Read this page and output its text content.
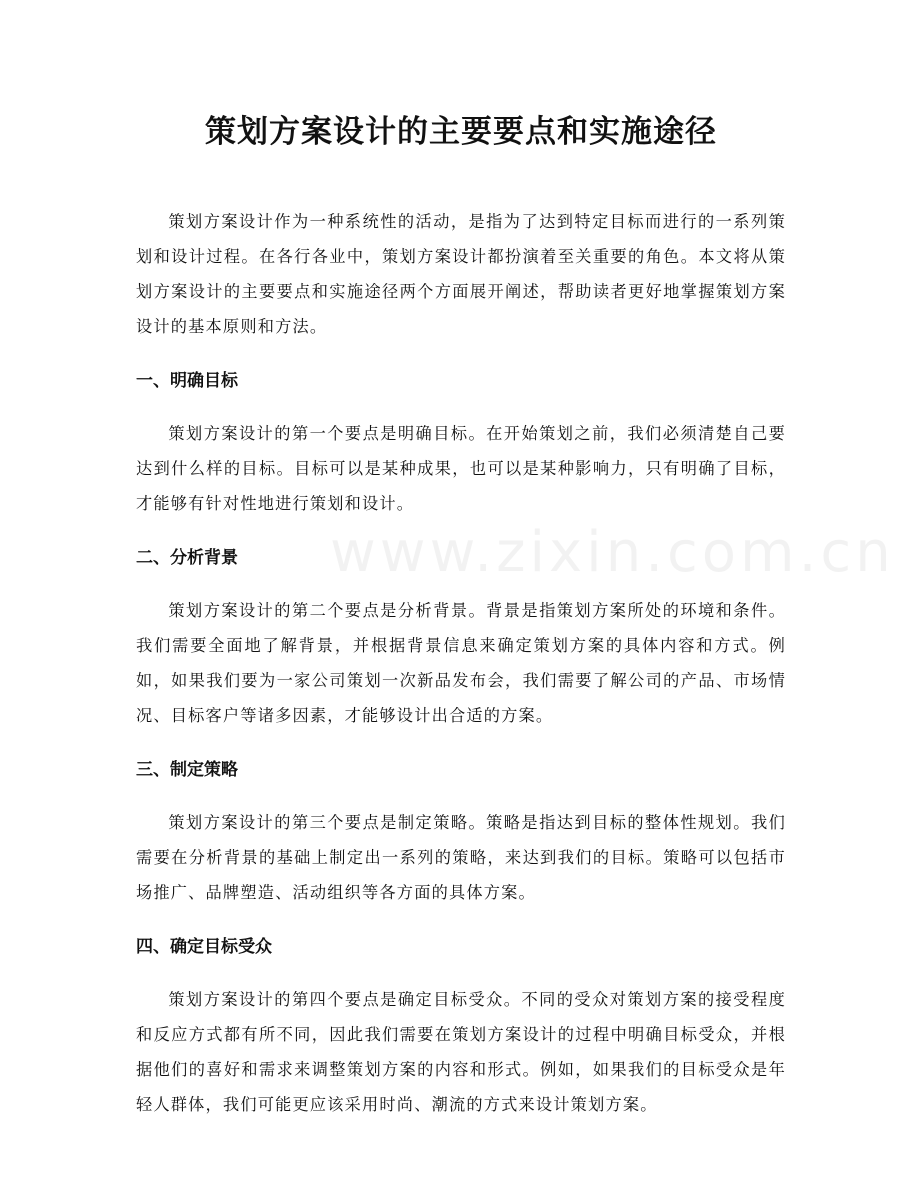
策划方案设计的主要要点和实施途径

策划方案设计作为一种系统性的活动，是指为了达到特定目标而进行的一系列策划和设计过程。在各行各业中，策划方案设计都扮演着至关重要的角色。本文将从策划方案设计的主要要点和实施途径两个方面展开阐述，帮助读者更好地掌握策划方案设计的基本原则和方法。

一、明确目标

策划方案设计的第一个要点是明确目标。在开始策划之前，我们必须清楚自己要达到什么样的目标。目标可以是某种成果，也可以是某种影响力，只有明确了目标，才能够有针对性地进行策划和设计。

二、分析背景

策划方案设计的第二个要点是分析背景。背景是指策划方案所处的环境和条件。我们需要全面地了解背景，并根据背景信息来确定策划方案的具体内容和方式。例如，如果我们要为一家公司策划一次新品发布会，我们需要了解公司的产品、市场情况、目标客户等诸多因素，才能够设计出合适的方案。

三、制定策略

策划方案设计的第三个要点是制定策略。策略是指达到目标的整体性规划。我们需要在分析背景的基础上制定出一系列的策略，来达到我们的目标。策略可以包括市场推广、品牌塑造、活动组织等各方面的具体方案。

四、确定目标受众

策划方案设计的第四个要点是确定目标受众。不同的受众对策划方案的接受程度和反应方式都有所不同，因此我们需要在策划方案设计的过程中明确目标受众，并根据他们的喜好和需求来调整策划方案的内容和形式。例如，如果我们的目标受众是年轻人群体，我们可能更应该采用时尚、潮流的方式来设计策划方案。

www.zixin.com.cn
